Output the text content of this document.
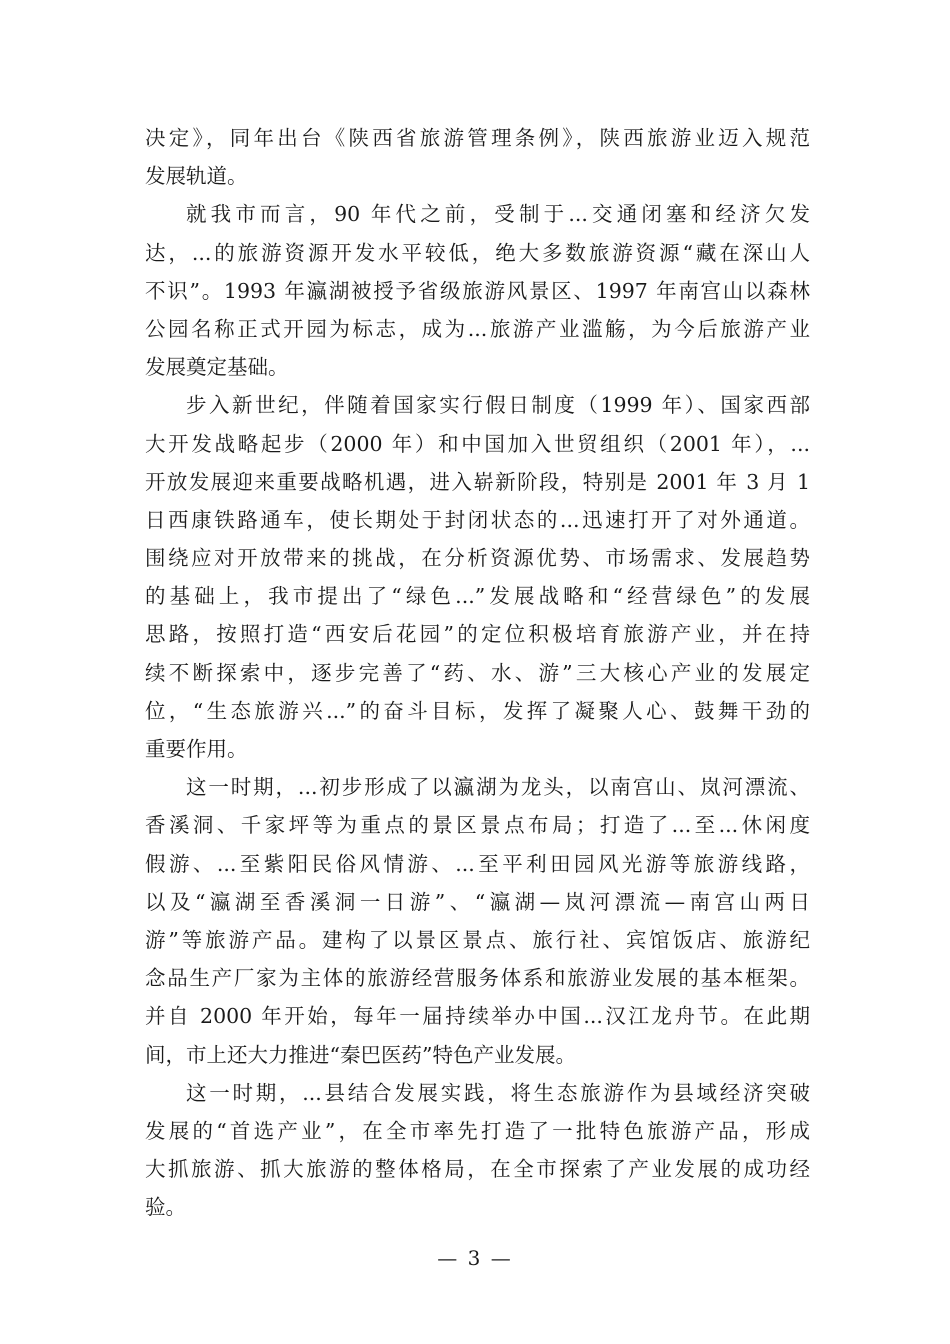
决定》，同年出台《陕西省旅游管理条例》，陕西旅游业迈入规范
发展轨道。
就我市而言，90 年代之前，受制于...交通闭塞和经济欠发
达，...的旅游资源开发水平较低，绝大多数旅游资源“藏在深山人
不识”。1993 年瀛湖被授予省级旅游风景区、1997 年南宫山以森林
公园名称正式开园为标志，成为...旅游产业滥觞，为今后旅游产业
发展奠定基础。
步入新世纪，伴随着国家实行假日制度（1999 年）、国家西部
大开发战略起步（2000 年）和中国加入世贸组织（2001 年），...
开放发展迎来重要战略机遇，进入崭新阶段，特别是 2001 年 3 月 1
日西康铁路通车，使长期处于封闭状态的...迅速打开了对外通道。
围绕应对开放带来的挑战，在分析资源优势、市场需求、发展趋势
的基础上，我市提出了“绿色...”发展战略和“经营绿色”的发展
思路，按照打造“西安后花园”的定位积极培育旅游产业，并在持
续不断探索中，逐步完善了“药、水、游”三大核心产业的发展定
位，“生态旅游兴...”的奋斗目标，发挥了凝聚人心、鼓舞干劲的
重要作用。
这一时期，...初步形成了以瀛湖为龙头，以南宫山、岚河漂流、
香溪洞、千家坪等为重点的景区景点布局；打造了...至...休闲度
假游、...至紫阳民俗风情游、...至平利田园风光游等旅游线路，
以及“瀛湖至香溪洞一日游”、“瀛湖—岚河漂流—南宫山两日
游”等旅游产品。建构了以景区景点、旅行社、宾馆饭店、旅游纪
念品生产厂家为主体的旅游经营服务体系和旅游业发展的基本框架。
并自 2000 年开始，每年一届持续举办中国...汉江龙舟节。在此期
间，市上还大力推进“秦巴医药”特色产业发展。
这一时期，...县结合发展实践，将生态旅游作为县域经济突破
发展的“首选产业”，在全市率先打造了一批特色旅游产品，形成
大抓旅游、抓大旅游的整体格局，在全市探索了产业发展的成功经
验。
— 3 —
